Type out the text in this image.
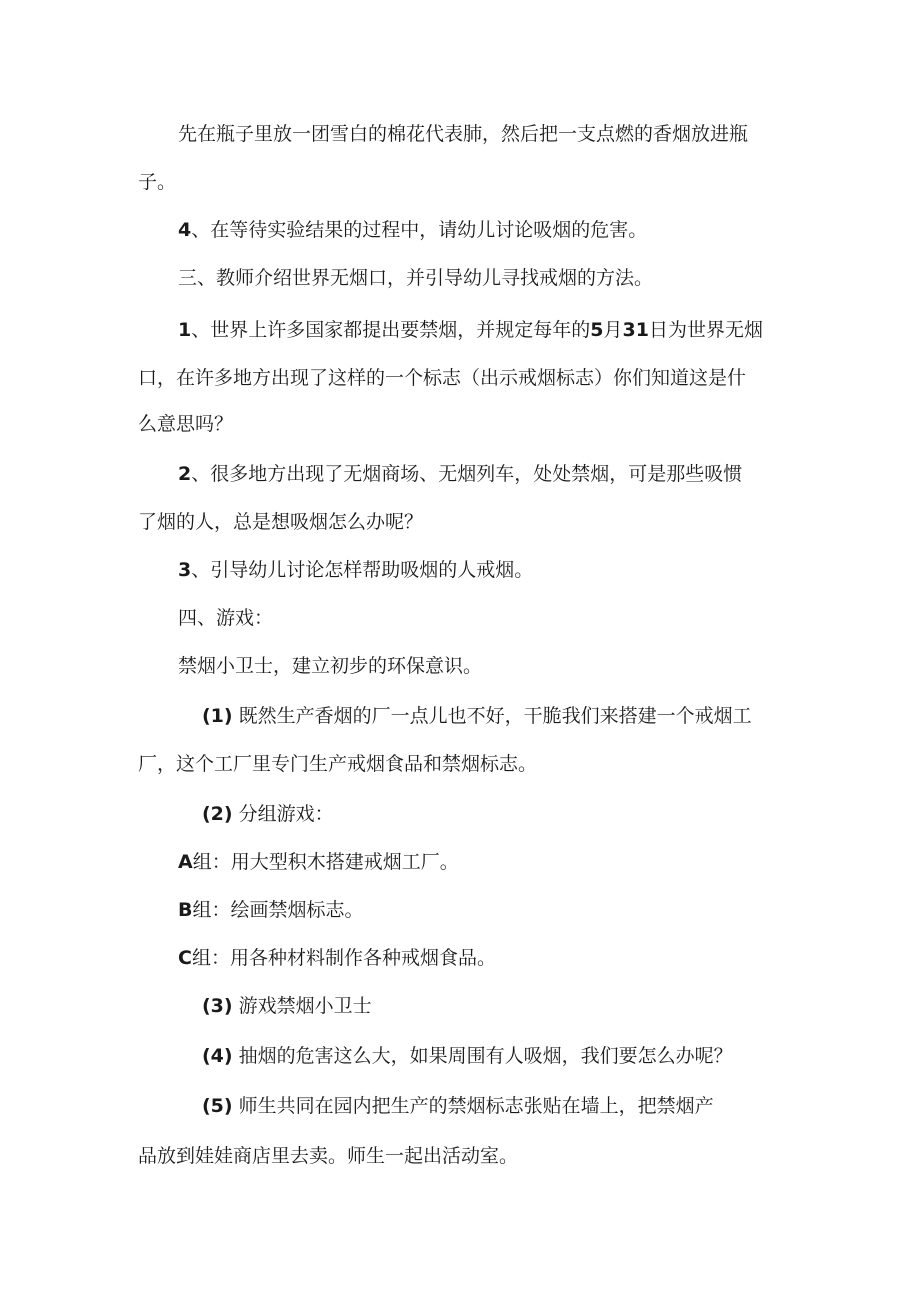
先在瓶子里放一团雪白的棉花代表肺，然后把一支点燃的香烟放进瓶
子。
4、在等待实验结果的过程中，请幼儿讨论吸烟的危害。
三、教师介绍世界无烟口，并引导幼儿寻找戒烟的方法。
1、世界上许多国家都提出要禁烟，并规定每年的5月31日为世界无烟
口，在许多地方出现了这样的一个标志（出示戒烟标志）你们知道这是什
么意思吗？
2、很多地方出现了无烟商场、无烟列车，处处禁烟，可是那些吸惯
了烟的人，总是想吸烟怎么办呢？
3、引导幼儿讨论怎样帮助吸烟的人戒烟。
四、游戏：
禁烟小卫士，建立初步的环保意识。
(1) 既然生产香烟的厂一点儿也不好，干脆我们来搭建一个戒烟工
厂，这个工厂里专门生产戒烟食品和禁烟标志。
(2) 分组游戏：
A组：用大型积木搭建戒烟工厂。
B组：绘画禁烟标志。
C组：用各种材料制作各种戒烟食品。
(3) 游戏禁烟小卫士
(4) 抽烟的危害这么大，如果周围有人吸烟，我们要怎么办呢？
(5) 师生共同在园内把生产的禁烟标志张贴在墙上，把禁烟产
品放到娃娃商店里去卖。师生一起出活动室。
